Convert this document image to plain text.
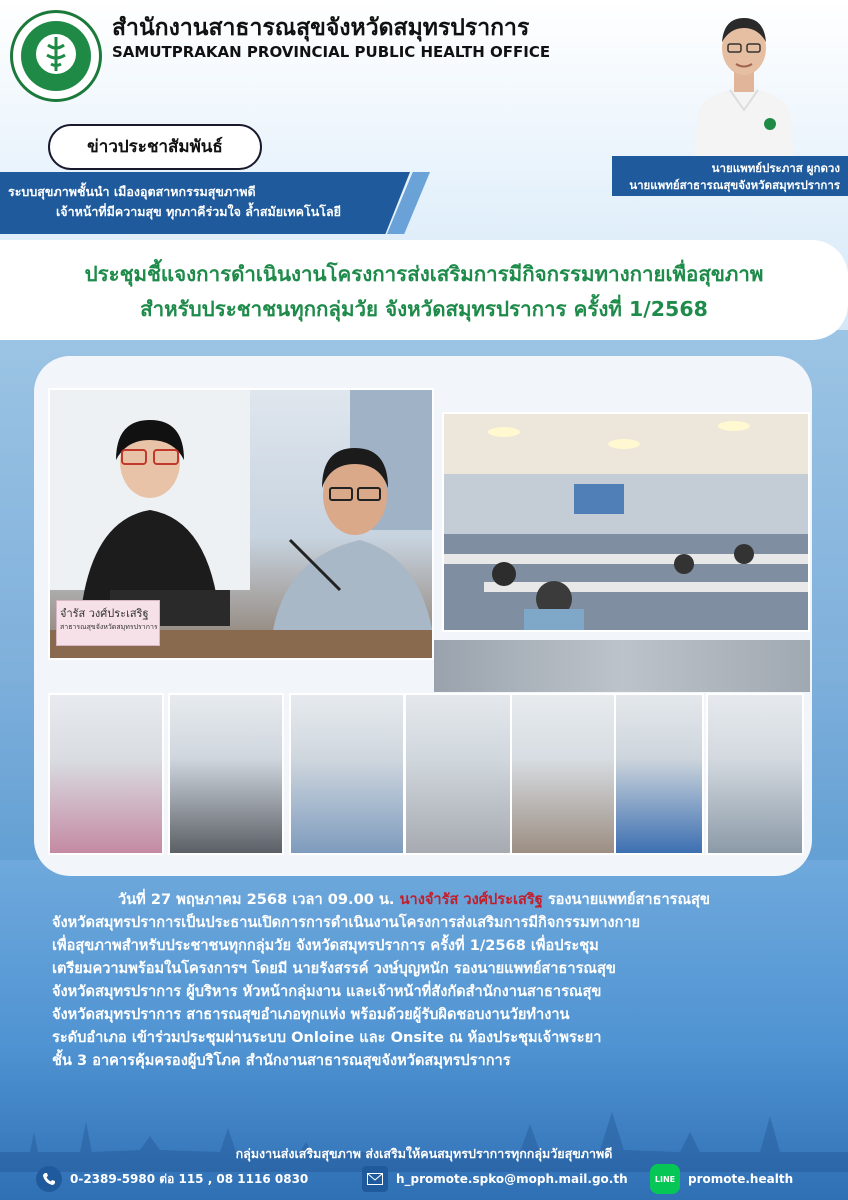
สำนักงานสาธารณสุขจังหวัดสมุทรปราการ
SAMUTPRAKAN PROVINCIAL PUBLIC HEALTH OFFICE
ข่าวประชาสัมพันธ์
ระบบสุขภาพชั้นนำ เมืองอุตสาหกรรมสุขภาพดี
เจ้าหน้าที่มีความสุข ทุกภาคีร่วมใจ ล้ำสมัยเทคโนโลยี
นายแพทย์ประภาส ผูกดวง
นายแพทย์สาธารณสุขจังหวัดสมุทรปราการ
ประชุมชี้แจงการดำเนินงานโครงการส่งเสริมการมีกิจกรรมทางกายเพื่อสุขภาพ
สำหรับประชาชนทุกกลุ่มวัย จังหวัดสมุทรปราการ ครั้งที่ 1/2568
จำรัส วงศ์ประเสริฐ
สาธารณสุขจังหวัดสมุทรปราการ
วันที่ 27 พฤษภาคม 2568 เวลา 09.00 น. นางจำรัส วงศ์ประเสริฐ รองนายแพทย์สาธารณสุข
จังหวัดสมุทรปราการเป็นประธานเปิดการการดำเนินงานโครงการส่งเสริมการมีกิจกรรมทางกาย
เพื่อสุขภาพสำหรับประชาชนทุกกลุ่มวัย จังหวัดสมุทรปราการ ครั้งที่ 1/2568 เพื่อประชุม
เตรียมความพร้อมในโครงการฯ โดยมี นายรังสรรค์ วงษ์บุญหนัก รองนายแพทย์สาธารณสุข
จังหวัดสมุทรปราการ ผู้บริหาร หัวหน้ากลุ่มงาน และเจ้าหน้าที่สังกัดสำนักงานสาธารณสุข
จังหวัดสมุทรปราการ สาธารณสุขอำเภอทุกแห่ง พร้อมด้วยผู้รับผิดชอบงานวัยทำงาน
ระดับอำเภอ เข้าร่วมประชุมผ่านระบบ Onloine และ Onsite ณ ห้องประชุมเจ้าพระยา
ชั้น 3 อาคารคุ้มครองผู้บริโภค สำนักงานสาธารณสุขจังหวัดสมุทรปราการ
กลุ่มงานส่งเสริมสุขภาพ ส่งเสริมให้คนสมุทรปราการทุกกลุ่มวัยสุขภาพดี
0-2389-5980 ต่อ 115 , 08 1116 0830	h_promote.spko@moph.mail.go.th	LINE promote.health
